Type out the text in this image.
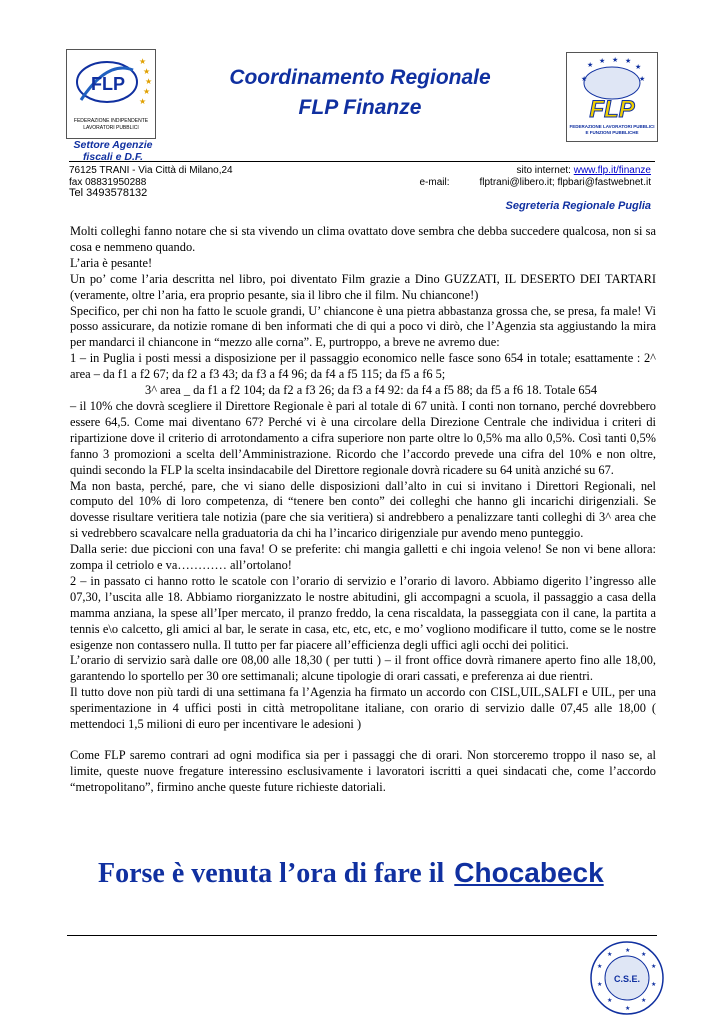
FLP
★
★
★
★
★
FEDERAZIONE INDIPENDENTE
LAVORATORI PUBBLICI
Coordinamento Regionale
FLP Finanze
★ ★ ★ ★
★
★
★
FLP
FEDERAZIONE LAVORATORI PUBBLICI
E FUNZIONI PUBBLICHE
Settore Agenzie
fiscali e D.F.
76125 TRANI - Via Città di Milano,24
fax 08831950288
Tel 3493578132
sito internet: www.flp.it/finanze
e-mail:	flptrani@libero.it; flpbari@fastwebnet.it
Segreteria Regionale Puglia

Molti colleghi fanno notare che si sta vivendo un clima ovattato dove sembra che debba succedere qualcosa, non si sa cosa e nemmeno quando.

L’aria è pesante!

Un po’ come l’aria descritta nel libro, poi diventato Film grazie a Dino GUZZATI, IL DESERTO DEI TARTARI (veramente, oltre l’aria, era proprio pesante, sia il libro che il film. Nu chiancone!)

Specifico, per chi non ha fatto le scuole grandi, U’ chiancone è una pietra abbastanza grossa che, se presa, fa male! Vi posso assicurare, da notizie romane di ben informati che di qui a poco vi dirò, che l’Agenzia sta aggiustando la mira per mandarci il chiancone in “mezzo alle corna”. E, purtroppo, a breve ne avremo due:

1 – in Puglia i posti messi a disposizione per il passaggio economico nelle fasce sono 654 in totale; esattamente : 2^ area – da f1 a f2 67; da f2 a f3 43; da f3 a f4 96; da f4 a f5 115; da f5 a f6 5;

3^ area _ da f1 a f2 104; da f2 a f3 26; da f3 a f4 92: da f4 a f5 88; da f5 a f6 18. Totale 654

– il 10% che dovrà scegliere il Direttore Regionale è pari al totale di 67 unità. I conti non tornano, perché dovrebbero essere 64,5. Come mai diventano 67? Perché vi è una circolare della Direzione Centrale che individua i criteri di ripartizione dove il criterio di arrotondamento a cifra superiore non parte oltre lo 0,5% ma allo 0,5%. Così tanti 0,5% fanno 3 promozioni a scelta dell’Amministrazione. Ricordo che l’accordo prevede una cifra del 10% e non oltre, quindi secondo la FLP la scelta insindacabile del Direttore regionale dovrà ricadere su 64 unità anziché su 67.

Ma non basta, perché, pare, che vi siano delle disposizioni dall’alto in cui si invitano i Direttori Regionali, nel computo del 10% di loro competenza, di “tenere ben conto” dei colleghi che hanno gli incarichi dirigenziali. Se dovesse risultare veritiera tale notizia (pare che sia veritiera) si andrebbero a penalizzare tanti colleghi di 3^ area che si vedrebbero scavalcare nella graduatoria da chi ha l’incarico dirigenziale pur avendo meno punteggio.

Dalla serie: due piccioni con una fava! O se preferite: chi mangia galletti e chi ingoia veleno! Se non vi bene allora: zompa il cetriolo e va………… all’ortolano!

2 – in passato ci hanno rotto le scatole con l’orario di servizio e l’orario di lavoro. Abbiamo digerito l’ingresso alle 07,30, l’uscita alle 18. Abbiamo riorganizzato le nostre abitudini, gli accompagni a scuola, il passaggio a casa della mamma anziana, la spese all’Iper mercato, il pranzo freddo, la cena riscaldata, la passeggiata con il cane, la partita a tennis e\o calcetto, gli amici al bar, le serate in casa, etc, etc, etc, e mo’ vogliono modificare il tutto, come se le nostre esigenze non contassero nulla. Il tutto per far piacere all’efficienza degli uffici agli occhi dei politici.

L’orario di servizio sarà dalle ore 08,00 alle 18,30 ( per tutti ) – il front office dovrà rimanere aperto fino alle 18,00, garantendo lo sportello per 30 ore settimanali; alcune tipologie di orari cassati, e preferenza ai due rientri.

Il tutto dove non più tardi di una settimana fa l’Agenzia ha firmato un accordo con CISL,UIL,SALFI e UIL, per una sperimentazione in 4 uffici posti in città metropolitane italiane, con orario di servizio dalle 07,45 alle 18,00 ( mettendoci 1,5 milioni di euro per incentivare le adesioni )

Come FLP saremo contrari ad ogni modifica sia per i passaggi che di orari. Non storceremo troppo il naso se, al limite, queste nuove fregature interessino esclusivamente i lavoratori iscritti a quei sindacati che, come l’accordo “metropolitano”, firmino anche queste future richieste datoriali.

Forse è venuta l’ora di fare il Chocabeck
C.S.E.
★
★
★
★
★
★
★
★
★
★
